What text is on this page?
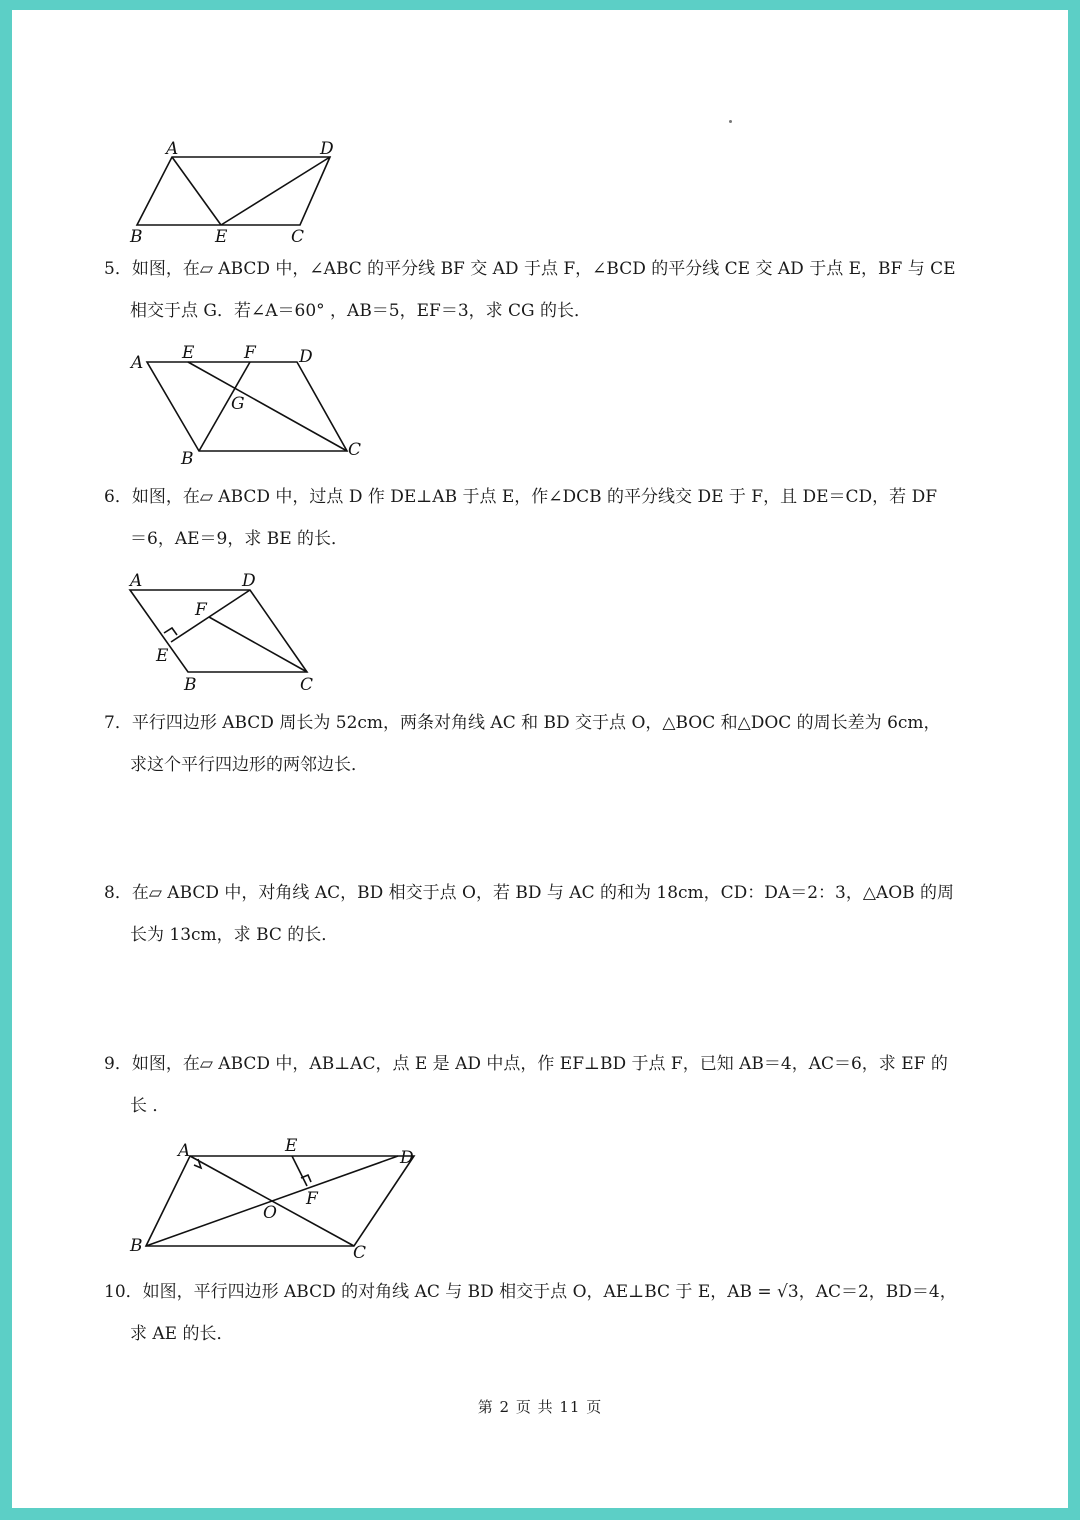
A	D
B	E	C

5．如图，在▱ ABCD 中，∠ABC 的平分线 BF 交 AD 于点 F，∠BCD 的平分线 CE 交 AD 于点 E，BF 与 CE
相交于点 G．若∠A＝60° ，AB＝5，EF＝3，求 CG 的长．

A E	F	D
G
B	C

6．如图，在▱ ABCD 中，过点 D 作 DE⊥AB 于点 E，作∠DCB 的平分线交 DE 于 F，且 DE＝CD，若 DF
＝6，AE＝9，求 BE 的长．

A	D
F
E
B	C

7．平行四边形 ABCD 周长为 52cm，两条对角线 AC 和 BD 交于点 O，△BOC 和△DOC 的周长差为 6cm，
求这个平行四边形的两邻边长．

8．在▱ ABCD 中，对角线 AC，BD 相交于点 O，若 BD 与 AC 的和为 18cm，CD：DA＝2：3，△AOB 的周
长为 13cm，求 BC 的长．

9．如图，在▱ ABCD 中，AB⊥AC，点 E 是 AD 中点，作 EF⊥BD 于点 F，已知 AB＝4，AC＝6，求 EF 的
长 ．

A	E
D
F
O
B	C

10．如图，平行四边形 ABCD 的对角线 AC 与 BD 相交于点 O，AE⊥BC 于 E，AB = √3，AC＝2，BD＝4，
求 AE 的长．

第 2 页 共 11 页
